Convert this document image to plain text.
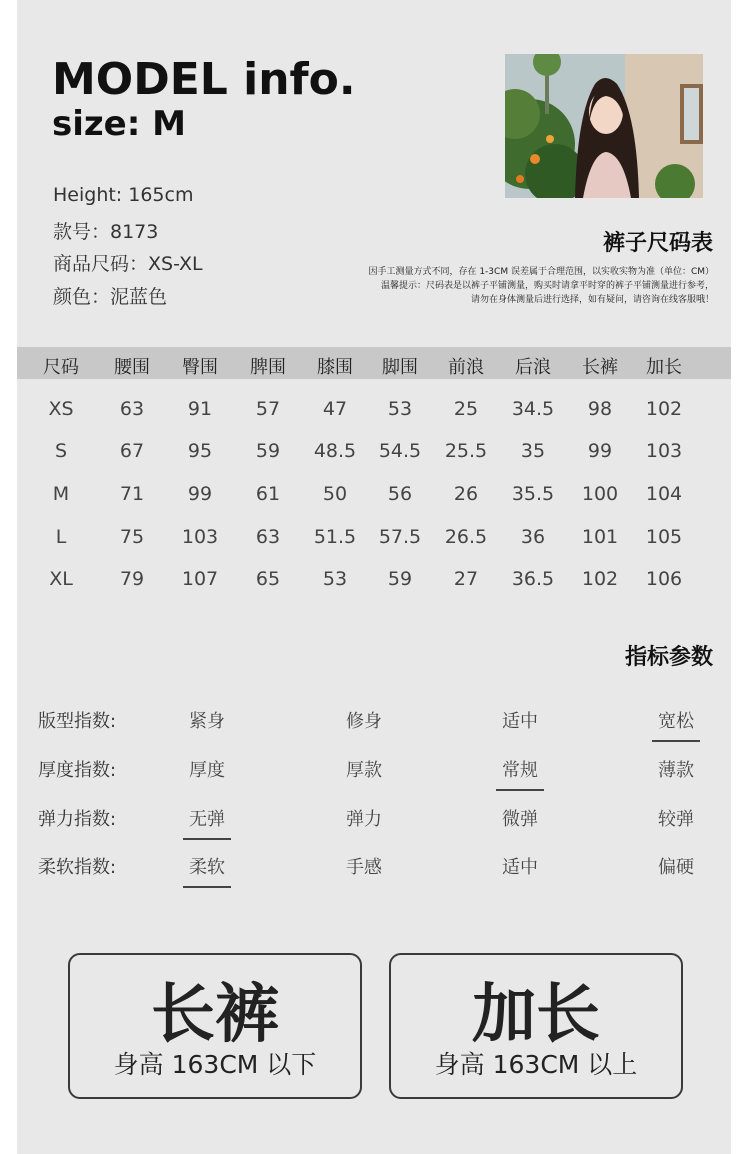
MODEL info.
size: M
Height: 165cm
款号：8173
商品尺码：XS-XL
颜色：泥蓝色
裤子尺码表
因手工测量方式不同，存在 1-3CM 误差属于合理范围，以实收实物为准（单位：CM）
温馨提示：尺码表是以裤子平铺测量，购买时请拿平时穿的裤子平铺测量进行参考，
请勿在身体测量后进行选择，如有疑问，请咨询在线客服哦！
尺码	腰围	臀围	脾围	膝围	脚围	前浪	后浪	长裤	加长
XS	63	91	57	47	53	25	34.5	98	102
S	67	95	59	48.5	54.5	25.5	35	99	103
M	71	99	61	50	56	26	35.5	100	104
L	75	103	63	51.5	57.5	26.5	36	101	105
XL	79	107	65	53	59	27	36.5	102	106
指标参数
版型指数:	紧身	修身	适中	宽松
厚度指数:	厚度	厚款	常规	薄款
弹力指数:	无弹	弹力	微弹	较弹
柔软指数:	柔软	手感	适中	偏硬
长裤
身高 163CM 以下
加长
身高 163CM 以上
